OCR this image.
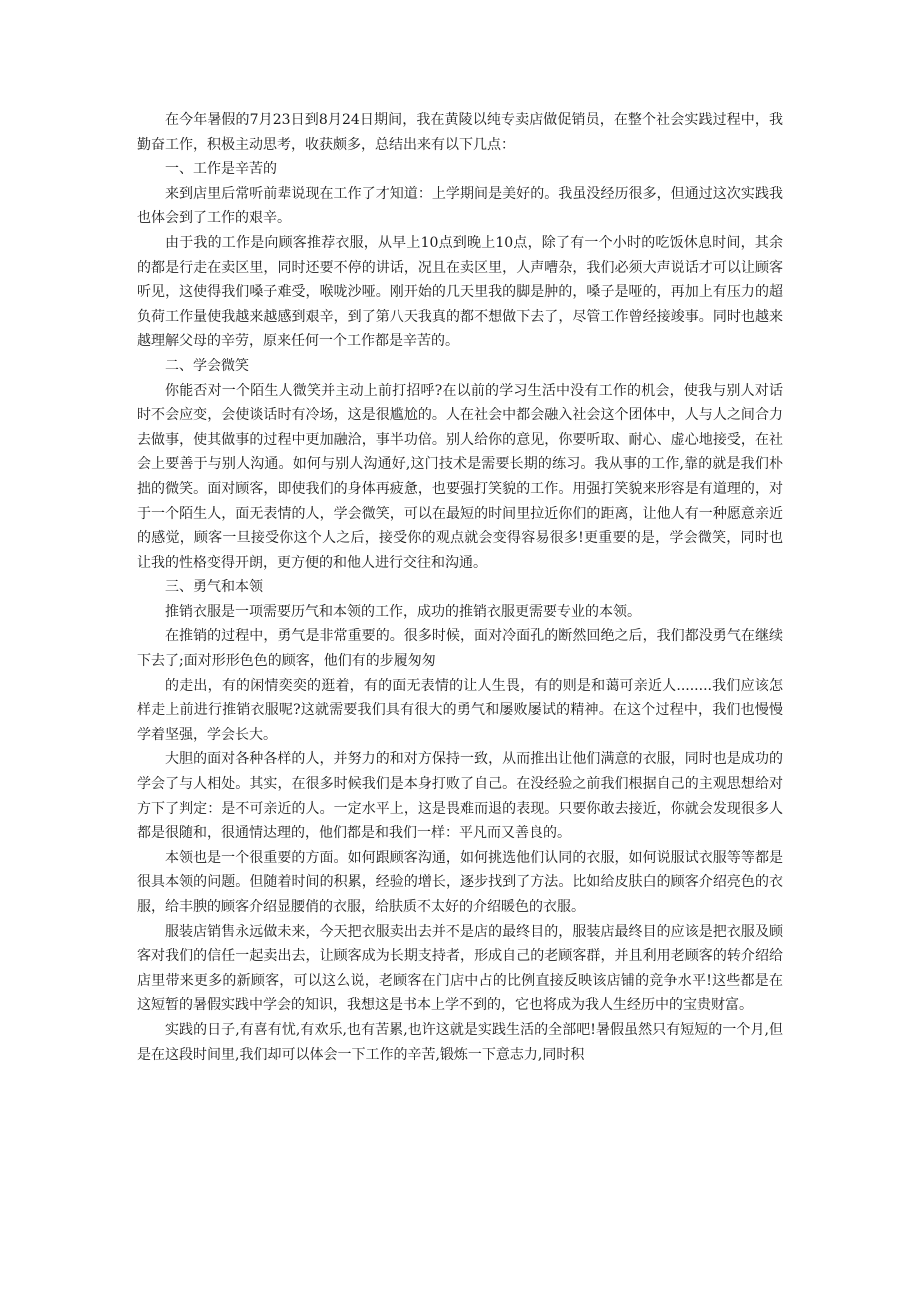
在今年暑假的7月23日到8月24日期间，我在黄陵以纯专卖店做促销员，在整个社会实践过程中，我勤奋工作，积极主动思考，收获颇多，总结出来有以下几点：

一、工作是辛苦的

来到店里后常听前辈说现在工作了才知道：上学期间是美好的。我虽没经历很多，但通过这次实践我也体会到了工作的艰辛。

由于我的工作是向顾客推荐衣服，从早上10点到晚上10点，除了有一个小时的吃饭休息时间，其余的都是行走在卖区里，同时还要不停的讲话，况且在卖区里，人声嘈杂，我们必须大声说话才可以让顾客听见，这使得我们嗓子难受，喉咙沙哑。刚开始的几天里我的脚是肿的，嗓子是哑的，再加上有压力的超负荷工作量使我越来越感到艰辛，到了第八天我真的都不想做下去了，尽管工作曾经接竣事。同时也越来越理解父母的辛劳，原来任何一个工作都是辛苦的。

二、学会微笑

你能否对一个陌生人微笑并主动上前打招呼?在以前的学习生活中没有工作的机会，使我与别人对话时不会应变，会使谈话时有冷场，这是很尴尬的。人在社会中都会融入社会这个团体中，人与人之间合力去做事，使其做事的过程中更加融洽，事半功倍。别人给你的意见，你要听取、耐心、虚心地接受，在社会上要善于与别人沟通。如何与别人沟通好,这门技术是需要长期的练习。我从事的工作,靠的就是我们朴拙的微笑。面对顾客，即使我们的身体再疲惫，也要强打笑貌的工作。用强打笑貌来形容是有道理的，对于一个陌生人，面无表情的人，学会微笑，可以在最短的时间里拉近你们的距离，让他人有一种愿意亲近的感觉，顾客一旦接受你这个人之后，接受你的观点就会变得容易很多!更重要的是，学会微笑，同时也让我的性格变得开朗，更方便的和他人进行交往和沟通。

三、勇气和本领

推销衣服是一项需要历气和本领的工作，成功的推销衣服更需要专业的本领。

在推销的过程中，勇气是非常重要的。很多时候，面对冷面孔的断然回绝之后，我们都没勇气在继续下去了;面对形形色色的顾客，他们有的步履匆匆

的走出，有的闲情奕奕的逛着，有的面无表情的让人生畏，有的则是和蔼可亲近人........我们应该怎样走上前进行推销衣服呢?这就需要我们具有很大的勇气和屡败屡试的精神。在这个过程中，我们也慢慢学着坚强，学会长大。

大胆的面对各种各样的人，并努力的和对方保持一致，从而推出让他们满意的衣服，同时也是成功的学会了与人相处。其实，在很多时候我们是本身打败了自己。在没经验之前我们根据自己的主观思想给对方下了判定：是不可亲近的人。一定水平上，这是畏难而退的表现。只要你敢去接近，你就会发现很多人都是很随和，很通情达理的，他们都是和我们一样：平凡而又善良的。

本领也是一个很重要的方面。如何跟顾客沟通，如何挑选他们认同的衣服，如何说服试衣服等等都是很具本领的问题。但随着时间的积累，经验的增长，逐步找到了方法。比如给皮肤白的顾客介绍亮色的衣服，给丰腴的顾客介绍显腰俏的衣服，给肤质不太好的介绍暖色的衣服。

服装店销售永远做未来，今天把衣服卖出去并不是店的最终目的，服装店最终目的应该是把衣服及顾客对我们的信任一起卖出去，让顾客成为长期支持者，形成自己的老顾客群，并且利用老顾客的转介绍给店里带来更多的新顾客，可以这么说，老顾客在门店中占的比例直接反映该店铺的竞争水平!这些都是在这短暂的暑假实践中学会的知识，我想这是书本上学不到的，它也将成为我人生经历中的宝贵财富。

实践的日子,有喜有忧,有欢乐,也有苦累,也许这就是实践生活的全部吧!暑假虽然只有短短的一个月,但是在这段时间里,我们却可以体会一下工作的辛苦,锻炼一下意志力,同时积
